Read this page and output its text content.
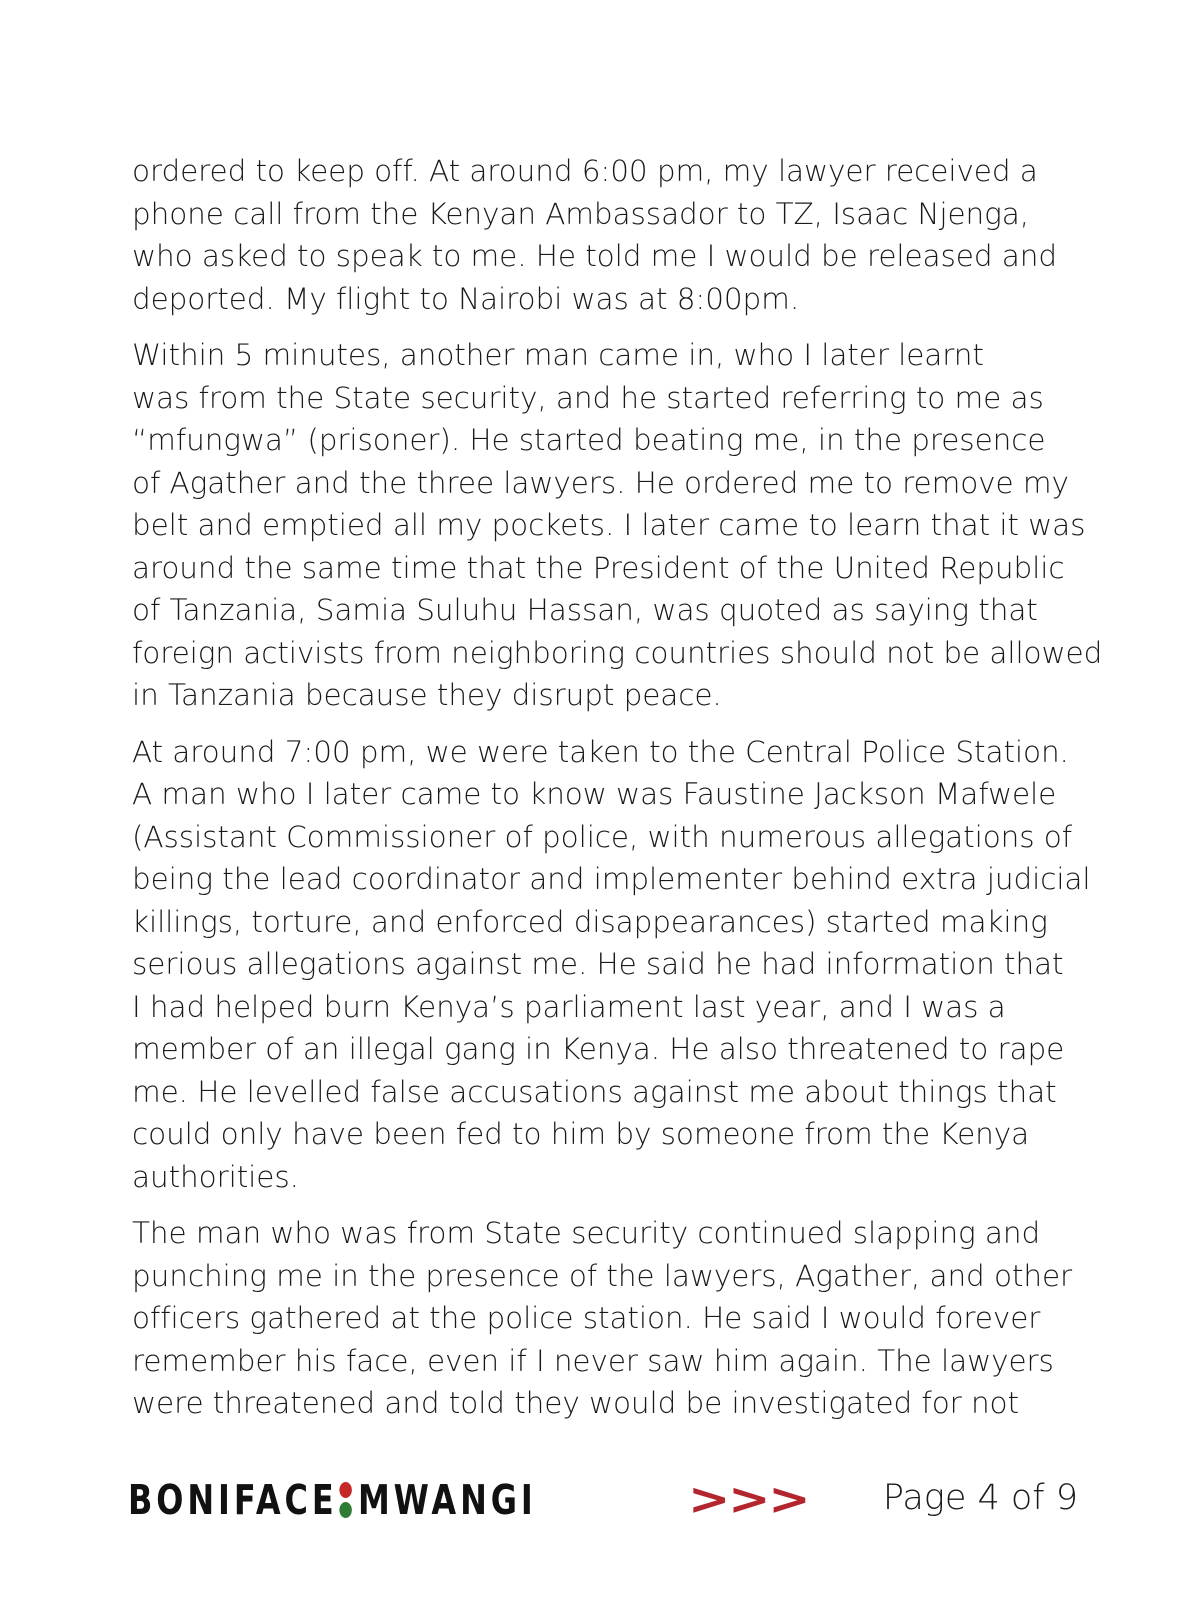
ordered to keep off. At around 6:00 pm, my lawyer received a
phone call from the Kenyan Ambassador to TZ, Isaac Njenga,
who asked to speak to me. He told me I would be released and
deported. My flight to Nairobi was at 8:00pm.

Within 5 minutes, another man came in, who I later learnt
was from the State security, and he started referring to me as
“mfungwa” (prisoner). He started beating me, in the presence
of Agather and the three lawyers. He ordered me to remove my
belt and emptied all my pockets. I later came to learn that it was
around the same time that the President of the United Republic
of Tanzania, Samia Suluhu Hassan, was quoted as saying that
foreign activists from neighboring countries should not be allowed
in Tanzania because they disrupt peace.

At around 7:00 pm, we were taken to the Central Police Station.
A man who I later came to know was Faustine Jackson Mafwele
(Assistant Commissioner of police, with numerous allegations of
being the lead coordinator and implementer behind extra judicial
killings, torture, and enforced disappearances) started making
serious allegations against me. He said he had information that
I had helped burn Kenya’s parliament last year, and I was a
member of an illegal gang in Kenya. He also threatened to rape
me. He levelled false accusations against me about things that
could only have been fed to him by someone from the Kenya
authorities.

The man who was from State security continued slapping and
punching me in the presence of the lawyers, Agather, and other
officers gathered at the police station. He said I would forever
remember his face, even if I never saw him again. The lawyers
were threatened and told they would be investigated for not

BONIFACE MWANGI	>>> Page 4 of 9
